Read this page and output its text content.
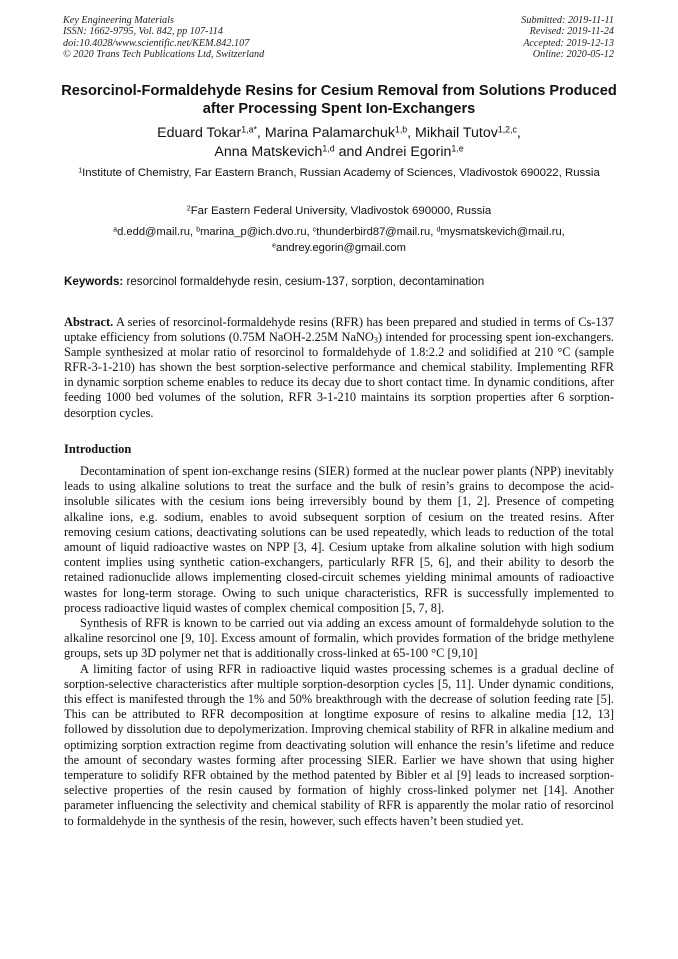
Key Engineering Materials
ISSN: 1662-9795, Vol. 842, pp 107-114
doi:10.4028/www.scientific.net/KEM.842.107
© 2020 Trans Tech Publications Ltd, Switzerland
Submitted: 2019-11-11
Revised: 2019-11-24
Accepted: 2019-12-13
Online: 2020-05-12
Resorcinol-Formaldehyde Resins for Cesium Removal from Solutions Produced after Processing Spent Ion-Exchangers
Eduard Tokar$^{1,a*}$, Marina Palamarchuk$^{1,b}$, Mikhail Tutov$^{1,2,c}$,
Anna Matskevich$^{1,d}$ and Andrei Egorin$^{1,e}$
$^1$Institute of Chemistry, Far Eastern Branch, Russian Academy of Sciences, Vladivostok 690022, Russia
$^2$Far Eastern Federal University, Vladivostok 690000, Russia
$^a$d.edd@mail.ru, $^b$marina_p@ich.dvo.ru, $^c$thunderbird87@mail.ru, $^d$mysmatskevich@mail.ru,
$^e$andrey.egorin@gmail.com
Keywords: resorcinol formaldehyde resin, cesium-137, sorption, decontamination
Abstract. A series of resorcinol-formaldehyde resins (RFR) has been prepared and studied in terms of Cs-137 uptake efficiency from solutions (0.75M NaOH-2.25M NaNO$_3$) intended for processing spent ion-exchangers. Sample synthesized at molar ratio of resorcinol to formaldehyde of 1.8:2.2 and solidified at 210 °C (sample RFR-3-1-210) has shown the best sorption-selective performance and chemical stability. Implementing RFR in dynamic sorption scheme enables to reduce its decay due to short contact time. In dynamic conditions, after feeding 1000 bed volumes of the solution, RFR 3-1-210 maintains its sorption properties after 6 sorption-desorption cycles.
Introduction

Decontamination of spent ion-exchange resins (SIER) formed at the nuclear power plants (NPP) inevitably leads to using alkaline solutions to treat the surface and the bulk of resin’s grains to decompose the acid-insoluble silicates with the cesium ions being irreversibly bound by them [1, 2]. Presence of competing alkaline ions, e.g. sodium, enables to avoid subsequent sorption of cesium on the treated resins. After removing cesium cations, deactivating solutions can be used repeatedly, which leads to reduction of the total amount of liquid radioactive wastes on NPP [3, 4]. Cesium uptake from alkaline solution with high sodium content implies using synthetic cation-exchangers, particularly RFR [5, 6], and their ability to desorb the retained radionuclide allows implementing closed-circuit schemes yielding minimal amounts of radioactive wastes for long-term storage. Owing to such unique characteristics, RFR is successfully implemented to process radioactive liquid wastes of complex chemical composition [5, 7, 8].

Synthesis of RFR is known to be carried out via adding an excess amount of formaldehyde solution to the alkaline resorcinol one [9, 10]. Excess amount of formalin, which provides formation of the bridge methylene groups, sets up 3D polymer net that is additionally cross-linked at 65-100 °C [9,10]

A limiting factor of using RFR in radioactive liquid wastes processing schemes is a gradual decline of sorption-selective characteristics after multiple sorption-desorption cycles [5, 11]. Under dynamic conditions, this effect is manifested through the 1% and 50% breakthrough with the decrease of solution feeding rate [5]. This can be attributed to RFR decomposition at longtime exposure of resins to alkaline media [12, 13] followed by dissolution due to depolymerization. Improving chemical stability of RFR in alkaline medium and optimizing sorption extraction regime from deactivating solution will enhance the resin’s lifetime and reduce the amount of secondary wastes forming after processing SIER. Earlier we have shown that using higher temperature to solidify RFR obtained by the method patented by Bibler et al [9] leads to increased sorption-selective properties of the resin caused by formation of highly cross-linked polymer net [14]. Another parameter influencing the selectivity and chemical stability of RFR is apparently the molar ratio of resorcinol to formaldehyde in the synthesis of the resin, however, such effects haven’t been studied yet.
